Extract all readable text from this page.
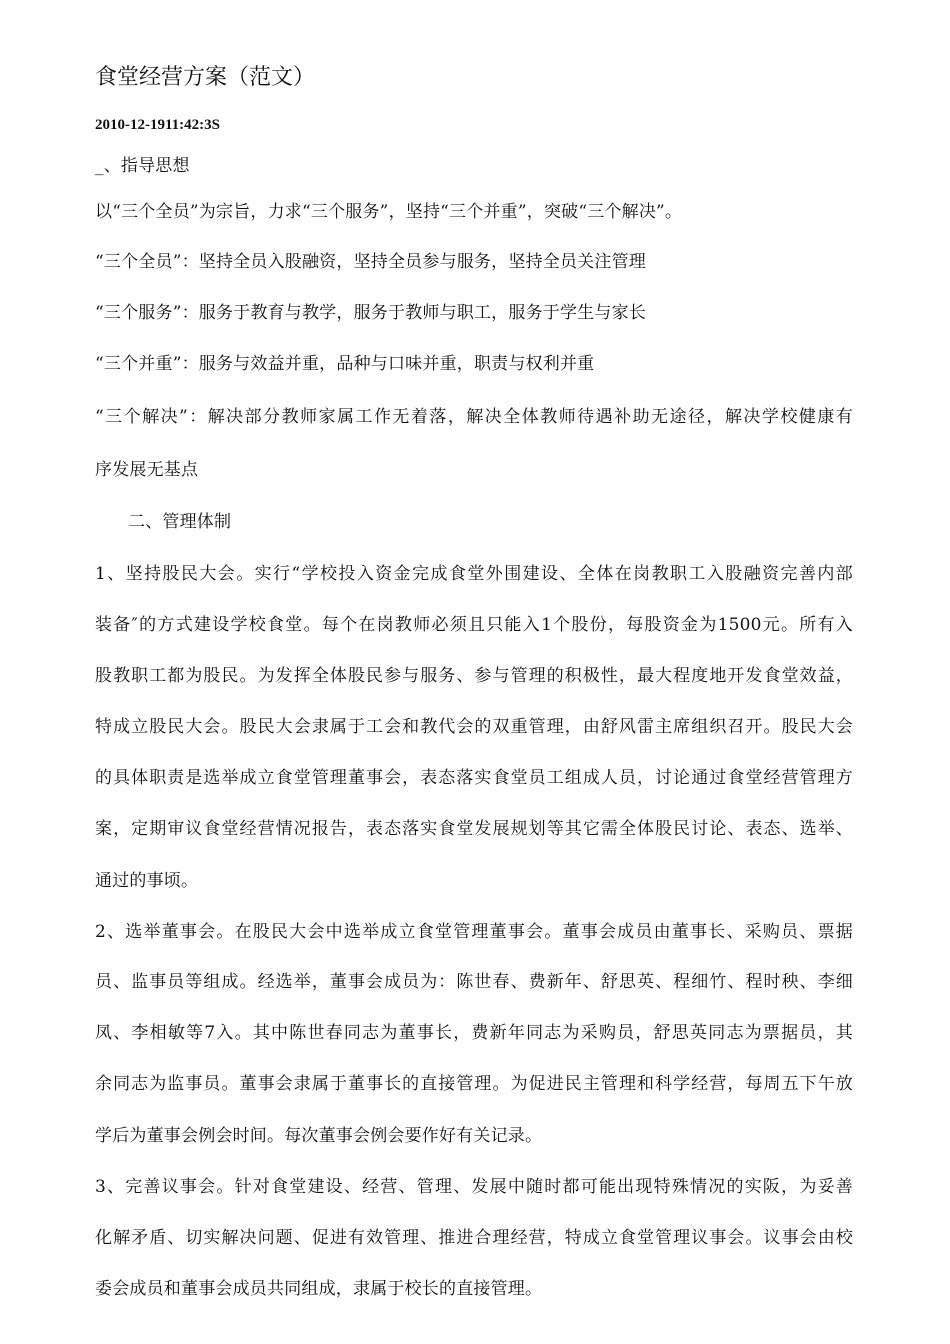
食堂经营方案（范文）
2010-12-1911:42:3S
_、指导思想
以“三个全员”为宗旨，力求“三个服务”，坚持“三个并重”，突破“三个解决”。
“三个全员”：坚持全员入股融资，坚持全员参与服务，坚持全员关注管理
“三个服务”：服务于教育与教学，服务于教师与职工，服务于学生与家长
“三个并重”：服务与效益并重，品种与口味并重，职责与权利并重
“三个解决”：解决部分教师家属工作无着落，解决全体教师待遇补助无途径，解决学校健康有
序发展无基点
二、管理体制
1、坚持股民大会。实行“学校投入资金完成食堂外围建设、全体在岗教职工入股融资完善内部
装备″的方式建设学校食堂。每个在岗教师必须且只能入1个股份，每股资金为1500元。所有入
股教职工都为股民。为发挥全体股民参与服务、参与管理的积极性，最大程度地开发食堂效益，
特成立股民大会。股民大会隶属于工会和教代会的双重管理，由舒风雷主席组织召开。股民大会
的具体职责是选举成立食堂管理董事会，表态落实食堂员工组成人员，讨论通过食堂经营管理方
案，定期审议食堂经营情况报告，表态落实食堂发展规划等其它需全体股民讨论、表态、选举、
通过的事顷。
2、选举董事会。在股民大会中选举成立食堂管理董事会。董事会成员由董事长、采购员、票据
员、监事员等组成。经选举，董事会成员为：陈世春、费新年、舒思英、程细竹、程时秧、李细
凤、李相敏等7入。其中陈世春同志为董事长，费新年同志为采购员，舒思英同志为票据员，其
余同志为监事员。董事会隶属于董事长的直接管理。为促进民主管理和科学经营，每周五下午放
学后为董事会例会时间。每次董事会例会要作好有关记录。
3、完善议事会。针对食堂建设、经营、管理、发展中随时都可能出现特殊情况的实阪，为妥善
化解矛盾、切实解决问题、促进有效管理、推进合理经营，特成立食堂管理议事会。议事会由校
委会成员和董事会成员共同组成，隶属于校长的直接管理。
